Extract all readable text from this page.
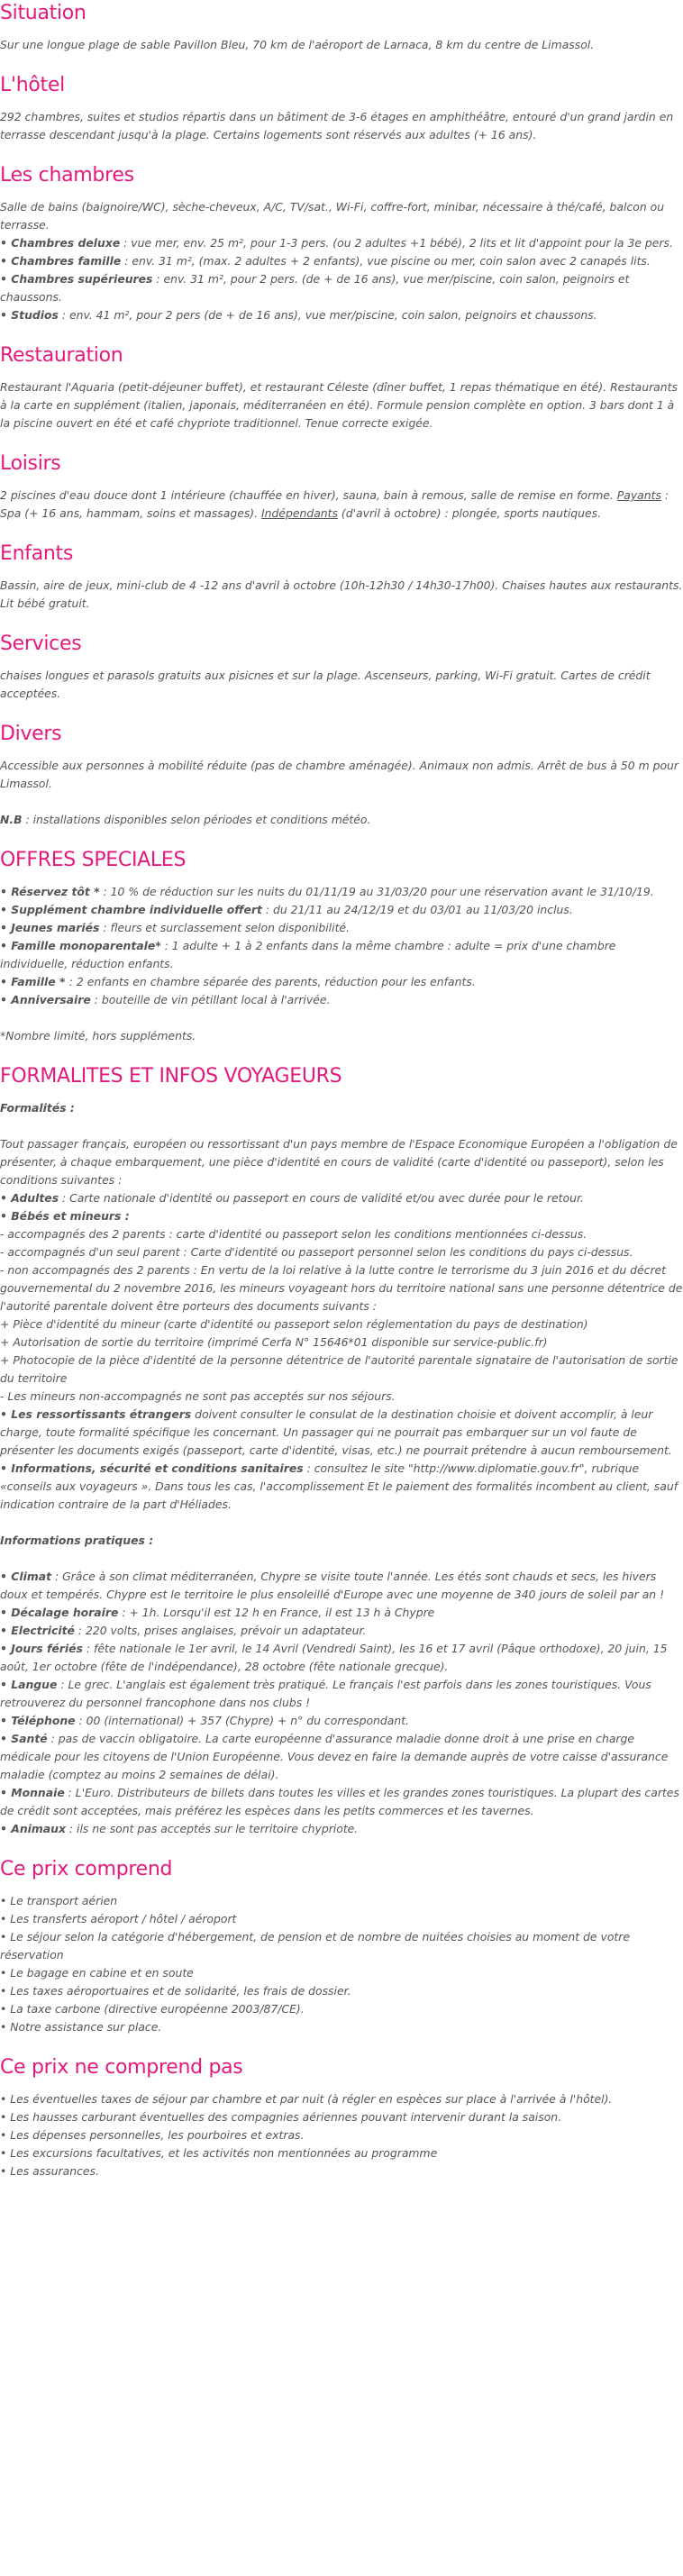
Situation

Sur une longue plage de sable Pavillon Bleu, 70 km de l'aéroport de Larnaca, 8 km du centre de Limassol.

L'hôtel

292 chambres, suites et studios répartis dans un bâtiment de 3-6 étages en amphithéâtre, entouré d'un grand jardin en terrasse descendant jusqu'à la plage. Certains logements sont réservés aux adultes (+ 16 ans).

Les chambres

Salle de bains (baignoire/WC), sèche-cheveux, A/C, TV/sat., Wi-Fi, coffre-fort, minibar, nécessaire à thé/café, balcon ou terrasse.

• Chambres deluxe : vue mer, env. 25 m², pour 1-3 pers. (ou 2 adultes +1 bébé), 2 lits et lit d'appoint pour la 3e pers.
• Chambres famille : env. 31 m², (max. 2 adultes + 2 enfants), vue piscine ou mer, coin salon avec 2 canapés lits.
• Chambres supérieures : env. 31 m², pour 2 pers. (de + de 16 ans), vue mer/piscine, coin salon, peignoirs et chaussons.
• Studios : env. 41 m², pour 2 pers (de + de 16 ans), vue mer/piscine, coin salon, peignoirs et chaussons.
Restauration

Restaurant l'Aquaria (petit-déjeuner buffet), et restaurant Céleste (dîner buffet, 1 repas thématique en été). Restaurants à la carte en supplément (italien, japonais, méditerranéen en été). Formule pension complète en option. 3 bars dont 1 à la piscine ouvert en été et café chypriote traditionnel. Tenue correcte exigée.

Loisirs

2 piscines d'eau douce dont 1 intérieure (chauffée en hiver), sauna, bain à remous, salle de remise en forme. Payants : Spa (+ 16 ans, hammam, soins et massages). Indépendants (d'avril à octobre) : plongée, sports nautiques.

Enfants

Bassin, aire de jeux, mini-club de 4 -12 ans d'avril à octobre (10h-12h30 / 14h30-17h00). Chaises hautes aux restaurants. Lit bébé gratuit.

Services

chaises longues et parasols gratuits aux pisicnes et sur la plage. Ascenseurs, parking, Wi-Fi gratuit. Cartes de crédit acceptées.

Divers

Accessible aux personnes à mobilité réduite (pas de chambre aménagée). Animaux non admis. Arrêt de bus à 50 m pour Limassol.

N.B : installations disponibles selon périodes et conditions météo.

OFFRES SPECIALES
• Réservez tôt * : 10 % de réduction sur les nuits du 01/11/19 au 31/03/20 pour une réservation avant le 31/10/19.
• Supplément chambre individuelle offert : du 21/11 au 24/12/19 et du 03/01 au 11/03/20 inclus.
• Jeunes mariés : fleurs et surclassement selon disponibilité.
• Famille monoparentale* : 1 adulte + 1 à 2 enfants dans la même chambre : adulte = prix d'une chambre individuelle, réduction enfants.
• Famille * : 2 enfants en chambre séparée des parents, réduction pour les enfants.
• Anniversaire : bouteille de vin pétillant local à l'arrivée.

*Nombre limité, hors suppléments.

FORMALITES ET INFOS VOYAGEURS

Formalités :

Tout passager français, européen ou ressortissant d'un pays membre de l'Espace Economique Européen a l'obligation de présenter, à chaque embarquement, une pièce d'identité en cours de validité (carte d'identité ou passeport), selon les conditions suivantes :

• Adultes : Carte nationale d'identité ou passeport en cours de validité et/ou avec durée pour le retour.
• Bébés et mineurs :

- accompagnés des 2 parents : carte d'identité ou passeport selon les conditions mentionnées ci-dessus.

- accompagnés d'un seul parent : Carte d'identité ou passeport personnel selon les conditions du pays ci-dessus.

- non accompagnés des 2 parents : En vertu de la loi relative à la lutte contre le terrorisme du 3 juin 2016 et du décret gouvernemental du 2 novembre 2016, les mineurs voyageant hors du territoire national sans une personne détentrice de l'autorité parentale doivent être porteurs des documents suivants :

+ Pièce d'identité du mineur (carte d'identité ou passeport selon réglementation du pays de destination)

+ Autorisation de sortie du territoire (imprimé Cerfa N° 15646*01 disponible sur service-public.fr)

+ Photocopie de la pièce d'identité de la personne détentrice de l'autorité parentale signataire de l'autorisation de sortie du territoire

- Les mineurs non-accompagnés ne sont pas acceptés sur nos séjours.

• Les ressortissants étrangers doivent consulter le consulat de la destination choisie et doivent accomplir, à leur charge, toute formalité spécifique les concernant. Un passager qui ne pourrait pas embarquer sur un vol faute de présenter les documents exigés (passeport, carte d'identité, visas, etc.) ne pourrait prétendre à aucun remboursement.
• Informations, sécurité et conditions sanitaires : consultez le site "http://www.diplomatie.gouv.fr", rubrique «conseils aux voyageurs ». Dans tous les cas, l'accomplissement Et le paiement des formalités incombent au client, sauf indication contraire de la part d'Héliades.

Informations pratiques :

• Climat : Grâce à son climat méditerranéen, Chypre se visite toute l'année. Les étés sont chauds et secs, les hivers doux et tempérés. Chypre est le territoire le plus ensoleillé d'Europe avec une moyenne de 340 jours de soleil par an !
• Décalage horaire : + 1h. Lorsqu'il est 12 h en France, il est 13 h à Chypre
• Electricité : 220 volts, prises anglaises, prévoir un adaptateur.
• Jours fériés : fête nationale le 1er avril, le 14 Avril (Vendredi Saint), les 16 et 17 avril (Pâque orthodoxe), 20 juin, 15 août, 1er octobre (fête de l'indépendance), 28 octobre (fête nationale grecque).
• Langue : Le grec. L'anglais est également très pratiqué. Le français l'est parfois dans les zones touristiques. Vous retrouverez du personnel francophone dans nos clubs !
• Téléphone : 00 (international) + 357 (Chypre) + n° du correspondant.
• Santé : pas de vaccin obligatoire. La carte européenne d'assurance maladie donne droit à une prise en charge médicale pour les citoyens de l'Union Européenne. Vous devez en faire la demande auprès de votre caisse d'assurance maladie (comptez au moins 2 semaines de délai).
• Monnaie : L'Euro. Distributeurs de billets dans toutes les villes et les grandes zones touristiques. La plupart des cartes de crédit sont acceptées, mais préférez les espèces dans les petits commerces et les tavernes.
• Animaux : ils ne sont pas acceptés sur le territoire chypriote.
Ce prix comprend
• Le transport aérien
• Les transferts aéroport / hôtel / aéroport
• Le séjour selon la catégorie d'hébergement, de pension et de nombre de nuitées choisies au moment de votre réservation
• Le bagage en cabine et en soute
• Les taxes aéroportuaires et de solidarité, les frais de dossier.
• La taxe carbone (directive européenne 2003/87/CE).
• Notre assistance sur place.
Ce prix ne comprend pas
• Les éventuelles taxes de séjour par chambre et par nuit (à régler en espèces sur place à l'arrivée à l'hôtel).
• Les hausses carburant éventuelles des compagnies aériennes pouvant intervenir durant la saison.
• Les dépenses personnelles, les pourboires et extras.
• Les excursions facultatives, et les activités non mentionnées au programme
• Les assurances.
